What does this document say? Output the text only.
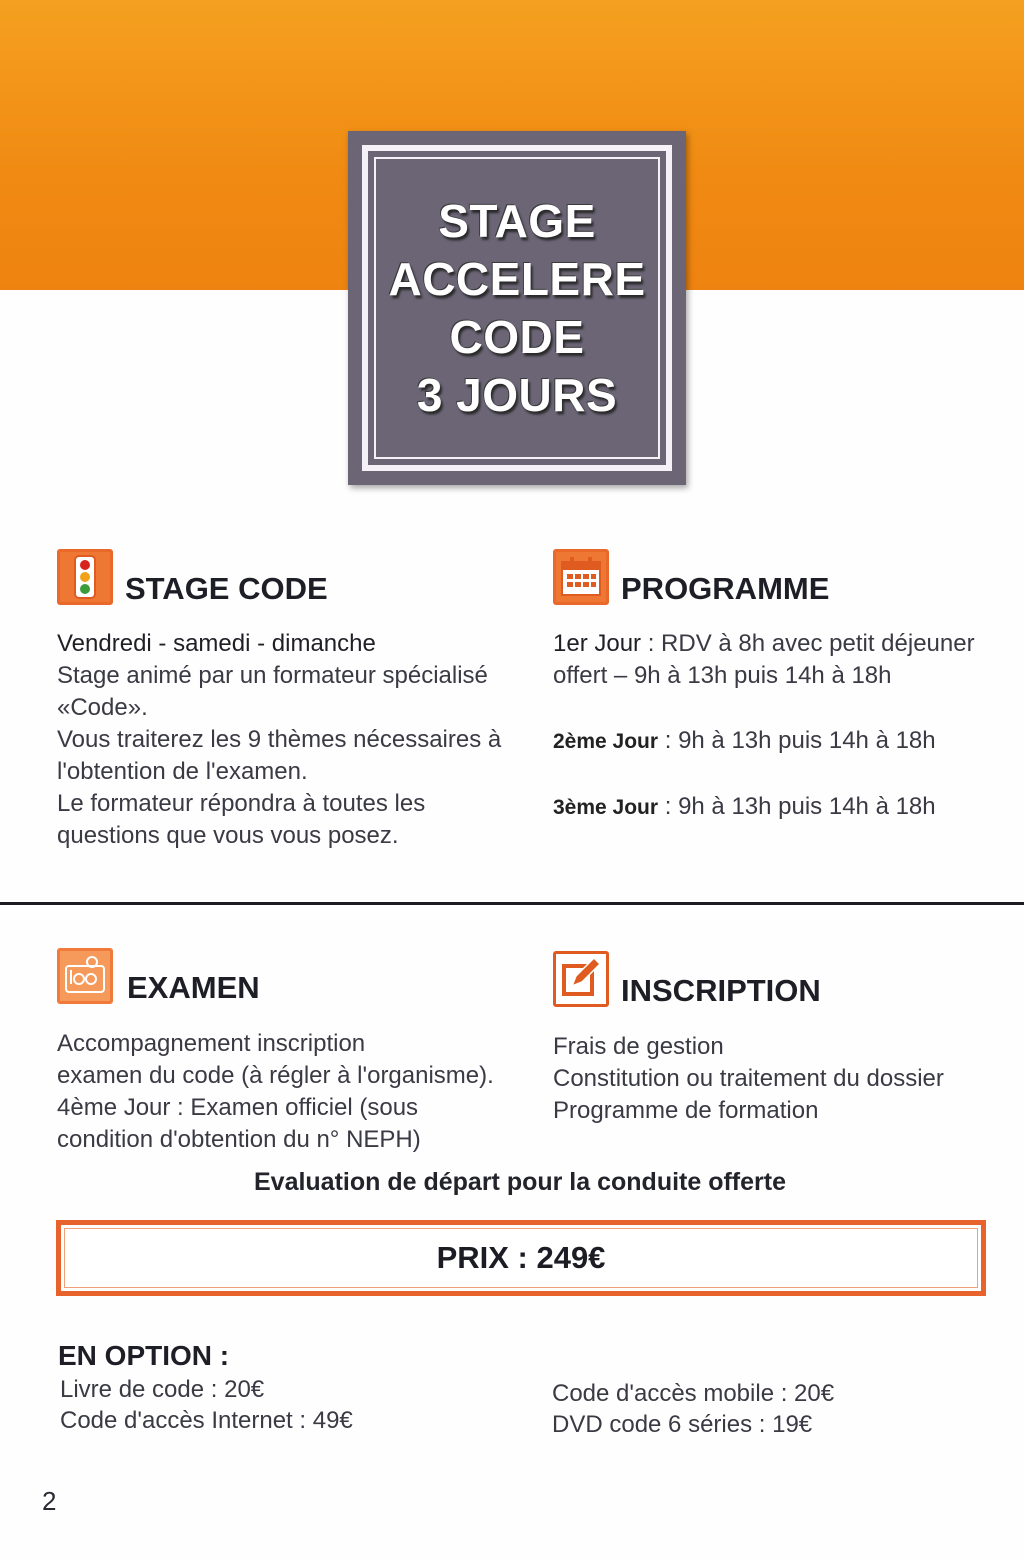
STAGE
ACCELERE
CODE
3 JOURS
STAGE CODE
Vendredi - samedi - dimanche
Stage animé par un formateur spécialisé
«Code».
Vous traiterez les 9 thèmes nécessaires à
l'obtention de l'examen.
Le formateur répondra à toutes les
questions que vous vous posez.
PROGRAMME
1er Jour : RDV à 8h avec petit déjeuner
offert – 9h à 13h puis 14h à 18h
2ème Jour : 9h à 13h puis 14h à 18h
3ème Jour : 9h à 13h puis 14h à 18h
EXAMEN
Accompagnement inscription
examen du code (à régler à l'organisme).
4ème Jour : Examen officiel (sous
condition d'obtention du n° NEPH)
INSCRIPTION
Frais de gestion
Constitution ou traitement du dossier
Programme de formation
Evaluation de départ pour la conduite offerte
PRIX : 249€
EN OPTION :
Livre de code : 20€
Code d'accès Internet : 49€
Code d'accès mobile : 20€
DVD code 6 séries : 19€
2
